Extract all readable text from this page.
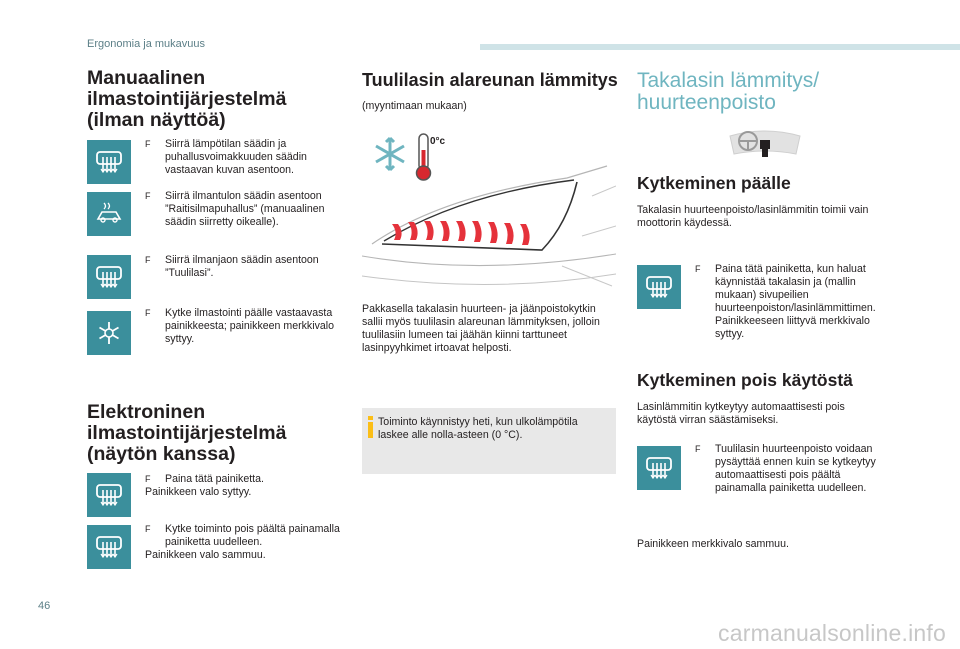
Ergonomia ja mukavuus
Manuaalinen ilmastointijärjestelmä (ilman näyttöä)
F Siirrä lämpötilan säädin ja puhallusvoimakkuuden säädin vastaavan kuvan asentoon.
F Siirrä ilmantulon säädin asentoon ”Raitisilmapuhallus” (manuaalinen säädin siirretty oikealle).
F Siirrä ilmanjaon säädin asentoon ”Tuulilasi”.
F Kytke ilmastointi päälle vastaavasta painikkeesta; painikkeen merkkivalo syttyy.
Elektroninen ilmastointijärjestelmä (näytön kanssa)
F Paina tätä painiketta.
Painikkeen valo syttyy.
F Kytke toiminto pois päältä painamalla painiketta uudelleen.
Painikkeen valo sammuu.
Tuulilasin alareunan lämmitys
(myyntimaan mukaan)
0°c
Pakkasella takalasin huurteen- ja jäänpoistokytkin sallii myös tuulilasin alareunan lämmityksen, jolloin tuulilasiin lumeen tai jäähän kiinni tarttuneet lasinpyyhkimet irtoavat helposti.
Toiminto käynnistyy heti, kun ulkolämpötila laskee alle nolla-asteen (0 °C).
Takalasin lämmitys/
huurteenpoisto
Kytkeminen päälle
Takalasin huurteenpoisto/lasinlämmitin toimii vain moottorin käydessä.
F Paina tätä painiketta, kun haluat käynnistää takalasin ja (mallin mukaan) sivupeilien huurteenpoiston/lasinlämmittimen. Painikkeeseen liittyvä merkkivalo syttyy.
Kytkeminen pois käytöstä
Lasinlämmitin kytkeytyy automaattisesti pois käytöstä virran säästämiseksi.
F Tuulilasin huurteenpoisto voidaan pysäyttää ennen kuin se kytkeytyy automaattisesti pois päältä painamalla painiketta uudelleen.
Painikkeen merkkivalo sammuu.
46
carmanualsonline.info
